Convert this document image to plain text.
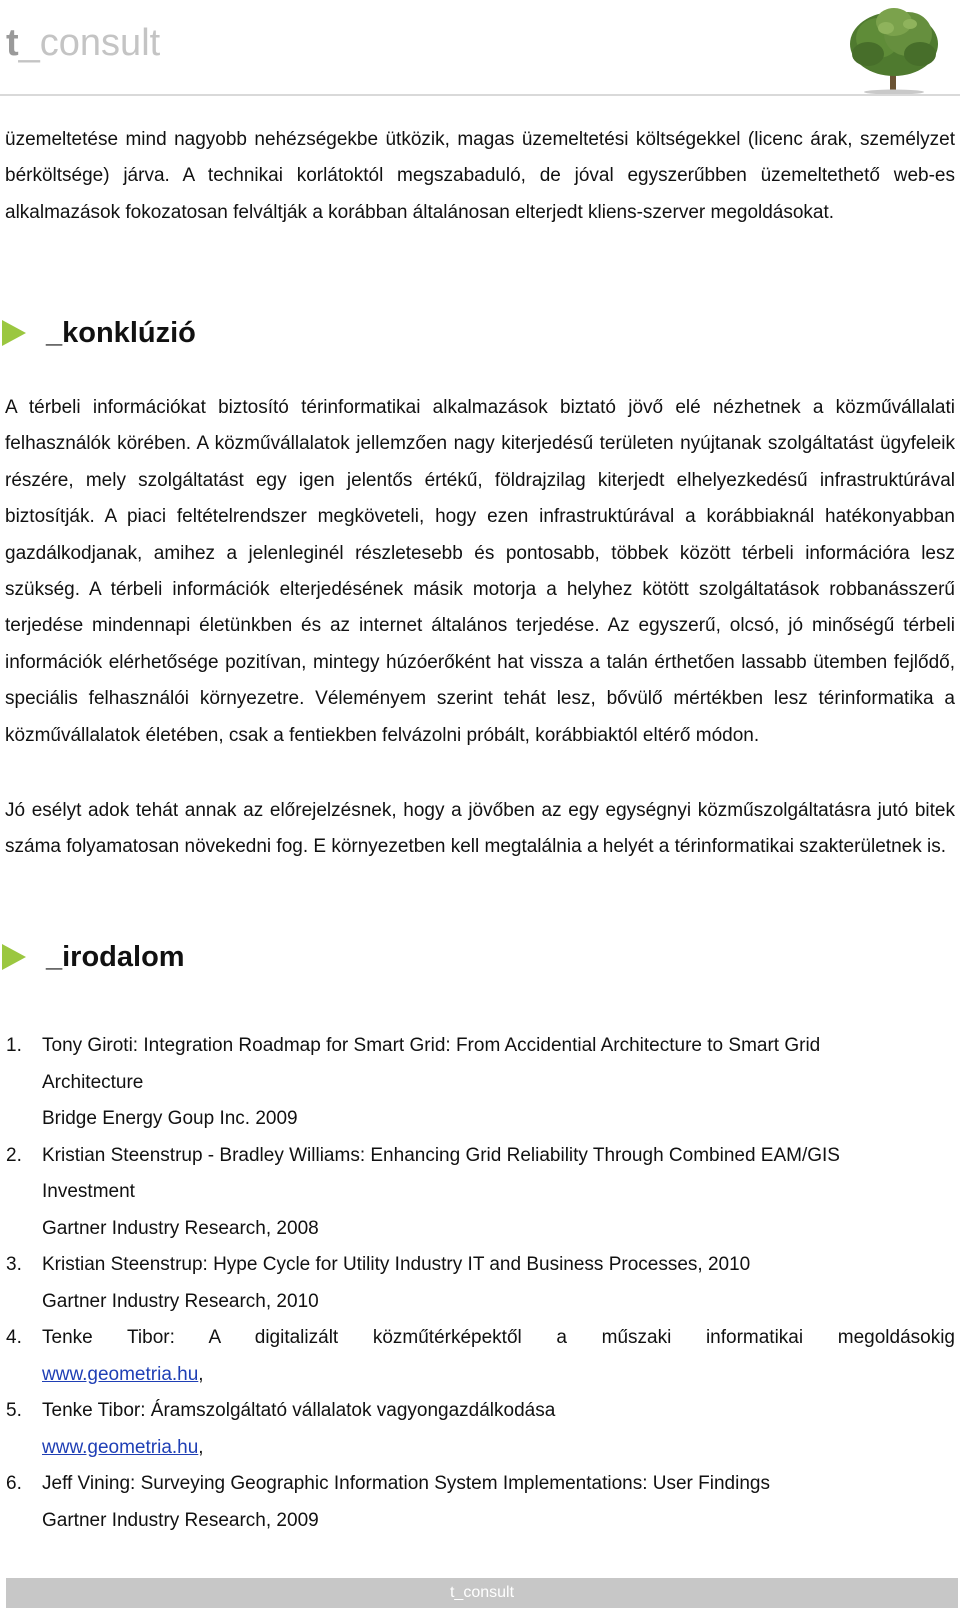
t_consult

üzemeltetése mind nagyobb nehézségekbe ütközik, magas üzemeltetési költségekkel (licenc árak, személyzet bérköltsége) járva. A technikai korlátoktól megszabaduló, de jóval egyszerűbben üzemeltethető web-es alkalmazások fokozatosan felváltják a korábban általánosan elterjedt kliens-szerver megoldásokat.

_konklúzió

A térbeli információkat biztosító térinformatikai alkalmazások biztató jövő elé nézhetnek a közművállalati felhasználók körében. A közművállalatok jellemzően nagy kiterjedésű területen nyújtanak szolgáltatást ügyfeleik részére, mely szolgáltatást egy igen jelentős értékű, földrajzilag kiterjedt elhelyezkedésű infrastruktúrával biztosítják. A piaci feltételrendszer megköveteli, hogy ezen infrastruktúrával a korábbiaknál hatékonyabban gazdálkodjanak, amihez a jelenleginél részletesebb és pontosabb, többek között térbeli információra lesz szükség. A térbeli információk elterjedésének másik motorja a helyhez kötött szolgáltatások robbanásszerű terjedése mindennapi életünkben és az internet általános terjedése. Az egyszerű, olcsó, jó minőségű térbeli információk elérhetősége pozitívan, mintegy húzóerőként hat vissza a talán érthetően lassabb ütemben fejlődő, speciális felhasználói környezetre. Véleményem szerint tehát lesz, bővülő mértékben lesz térinformatika a közművállalatok életében, csak a fentiekben felvázolni próbált, korábbiaktól eltérő módon.

Jó esélyt adok tehát annak az előrejelzésnek, hogy a jövőben az egy egységnyi közműszolgáltatásra jutó bitek száma folyamatosan növekedni fog. E környezetben kell megtalálnia a helyét a térinformatikai szakterületnek is.

_irodalom
1. Tony Giroti: Integration Roadmap for Smart Grid: From Accidential Architecture to Smart Grid
Architecture
Bridge Energy Goup Inc. 2009
2. Kristian Steenstrup - Bradley Williams: Enhancing Grid Reliability Through Combined EAM/GIS
Investment
Gartner Industry Research, 2008
3. Kristian Steenstrup: Hype Cycle for Utility Industry IT and Business Processes, 2010
Gartner Industry Research, 2010
4. Tenke Tibor: A digitalizált közműtérképektől a műszaki informatikai megoldásokig
www.geometria.hu,
5. Tenke Tibor: Áramszolgáltató vállalatok vagyongazdálkodása
www.geometria.hu,
6. Jeff Vining: Surveying Geographic Information System Implementations: User Findings
Gartner Industry Research, 2009
t_consult
